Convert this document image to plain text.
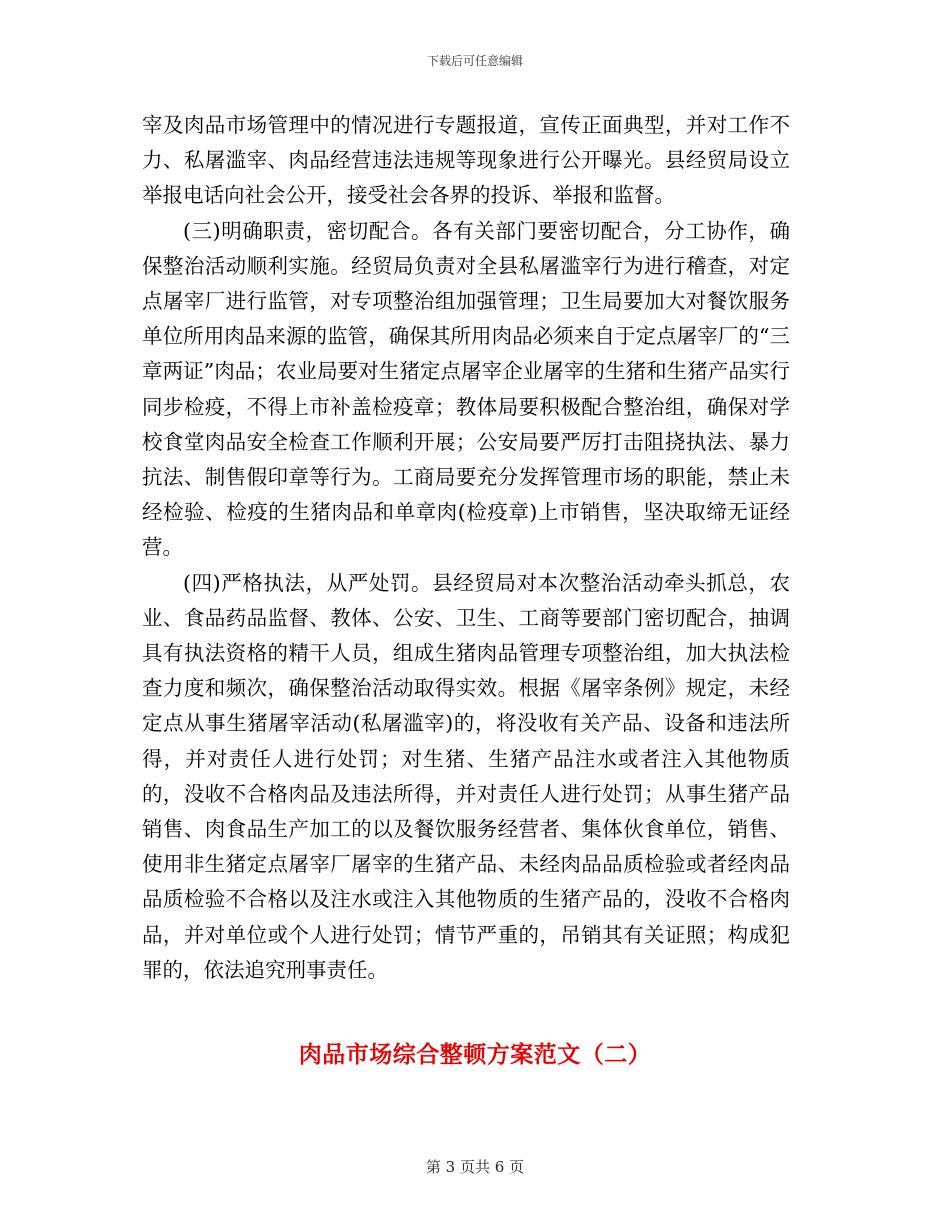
下载后可任意编辑

宰及肉品市场管理中的情况进行专题报道，宣传正面典型，并对工作不力、私屠滥宰、肉品经营违法违规等现象进行公开曝光。县经贸局设立举报电话向社会公开，接受社会各界的投诉、举报和监督。

(三)明确职责，密切配合。各有关部门要密切配合，分工协作，确保整治活动顺利实施。经贸局负责对全县私屠滥宰行为进行稽查，对定点屠宰厂进行监管，对专项整治组加强管理；卫生局要加大对餐饮服务单位所用肉品来源的监管，确保其所用肉品必须来自于定点屠宰厂的“三章两证”肉品；农业局要对生猪定点屠宰企业屠宰的生猪和生猪产品实行同步检疫，不得上市补盖检疫章；教体局要积极配合整治组，确保对学校食堂肉品安全检查工作顺利开展；公安局要严厉打击阻挠执法、暴力抗法、制售假印章等行为。工商局要充分发挥管理市场的职能，禁止未经检验、检疫的生猪肉品和单章肉(检疫章)上市销售，坚决取缔无证经营。

(四)严格执法，从严处罚。县经贸局对本次整治活动牵头抓总，农业、食品药品监督、教体、公安、卫生、工商等要部门密切配合，抽调具有执法资格的精干人员，组成生猪肉品管理专项整治组，加大执法检查力度和频次，确保整治活动取得实效。根据《屠宰条例》规定，未经定点从事生猪屠宰活动(私屠滥宰)的，将没收有关产品、设备和违法所得，并对责任人进行处罚；对生猪、生猪产品注水或者注入其他物质的，没收不合格肉品及违法所得，并对责任人进行处罚；从事生猪产品销售、肉食品生产加工的以及餐饮服务经营者、集体伙食单位，销售、使用非生猪定点屠宰厂屠宰的生猪产品、未经肉品品质检验或者经肉品品质检验不合格以及注水或注入其他物质的生猪产品的，没收不合格肉品，并对单位或个人进行处罚；情节严重的，吊销其有关证照；构成犯罪的，依法追究刑事责任。

肉品市场综合整顿方案范文（二）
第 3 页共 6 页
